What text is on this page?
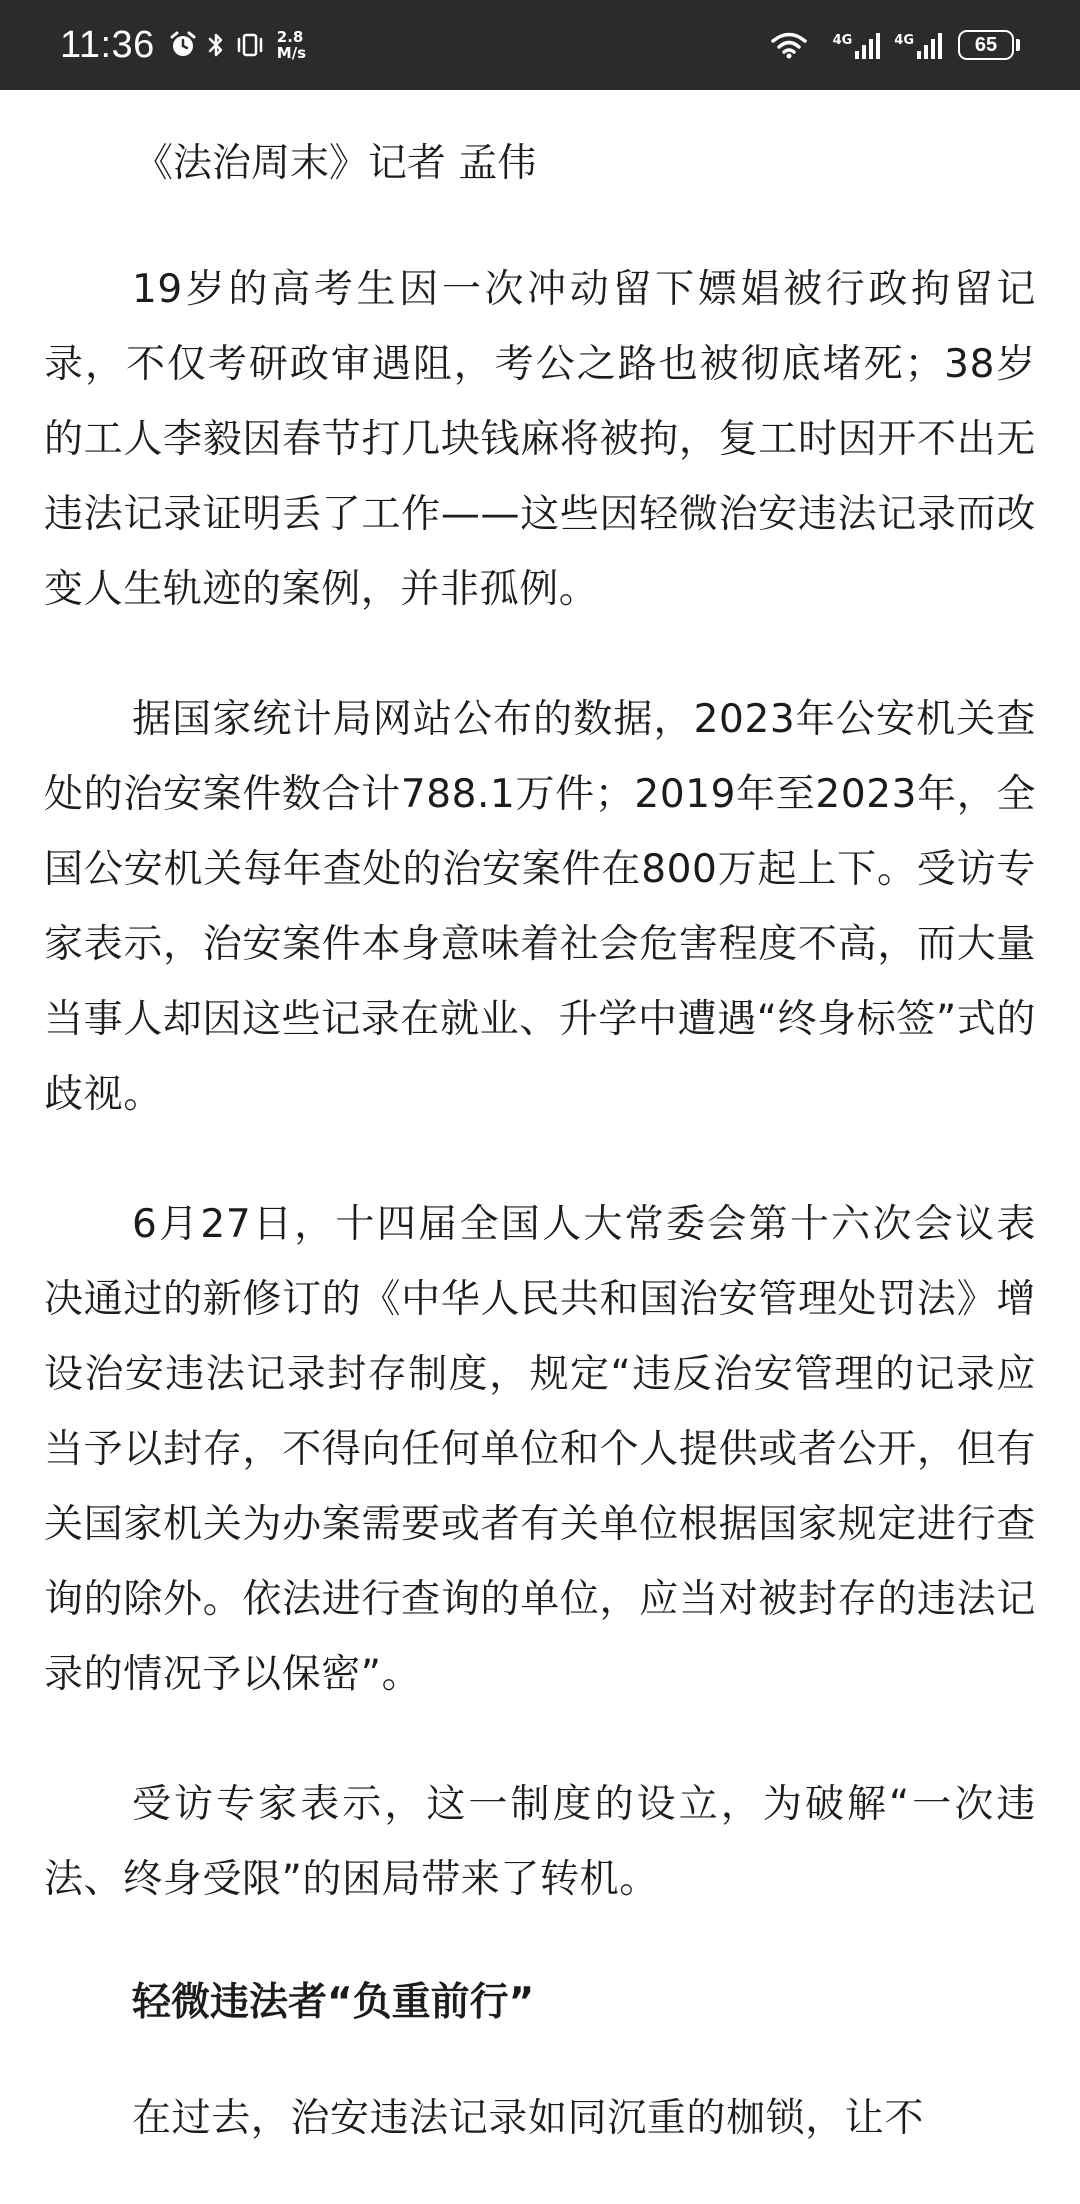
11:36	2.8
M/s
4G	4G	65
《法治周末》记者 孟伟

19岁的高考生因一次冲动留下嫖娼被行政拘留记录，不仅考研政审遇阻，考公之路也被彻底堵死；38岁的工人李毅因春节打几块钱麻将被拘，复工时因开不出无违法记录证明丢了工作——这些因轻微治安违法记录而改变人生轨迹的案例，并非孤例。

据国家统计局网站公布的数据，2023年公安机关查处的治安案件数合计788.1万件；2019年至2023年，全国公安机关每年查处的治安案件在800万起上下。受访专家表示，治安案件本身意味着社会危害程度不高，而大量当事人却因这些记录在就业、升学中遭遇“终身标签”式的歧视。

6月27日，十四届全国人大常委会第十六次会议表决通过的新修订的《中华人民共和国治安管理处罚法》增设治安违法记录封存制度，规定“违反治安管理的记录应当予以封存，不得向任何单位和个人提供或者公开，但有关国家机关为办案需要或者有关单位根据国家规定进行查询的除外。依法进行查询的单位，应当对被封存的违法记录的情况予以保密”。

受访专家表示，这一制度的设立，为破解“一次违法、终身受限”的困局带来了转机。

轻微违法者“负重前行”

在过去，治安违法记录如同沉重的枷锁，让不
